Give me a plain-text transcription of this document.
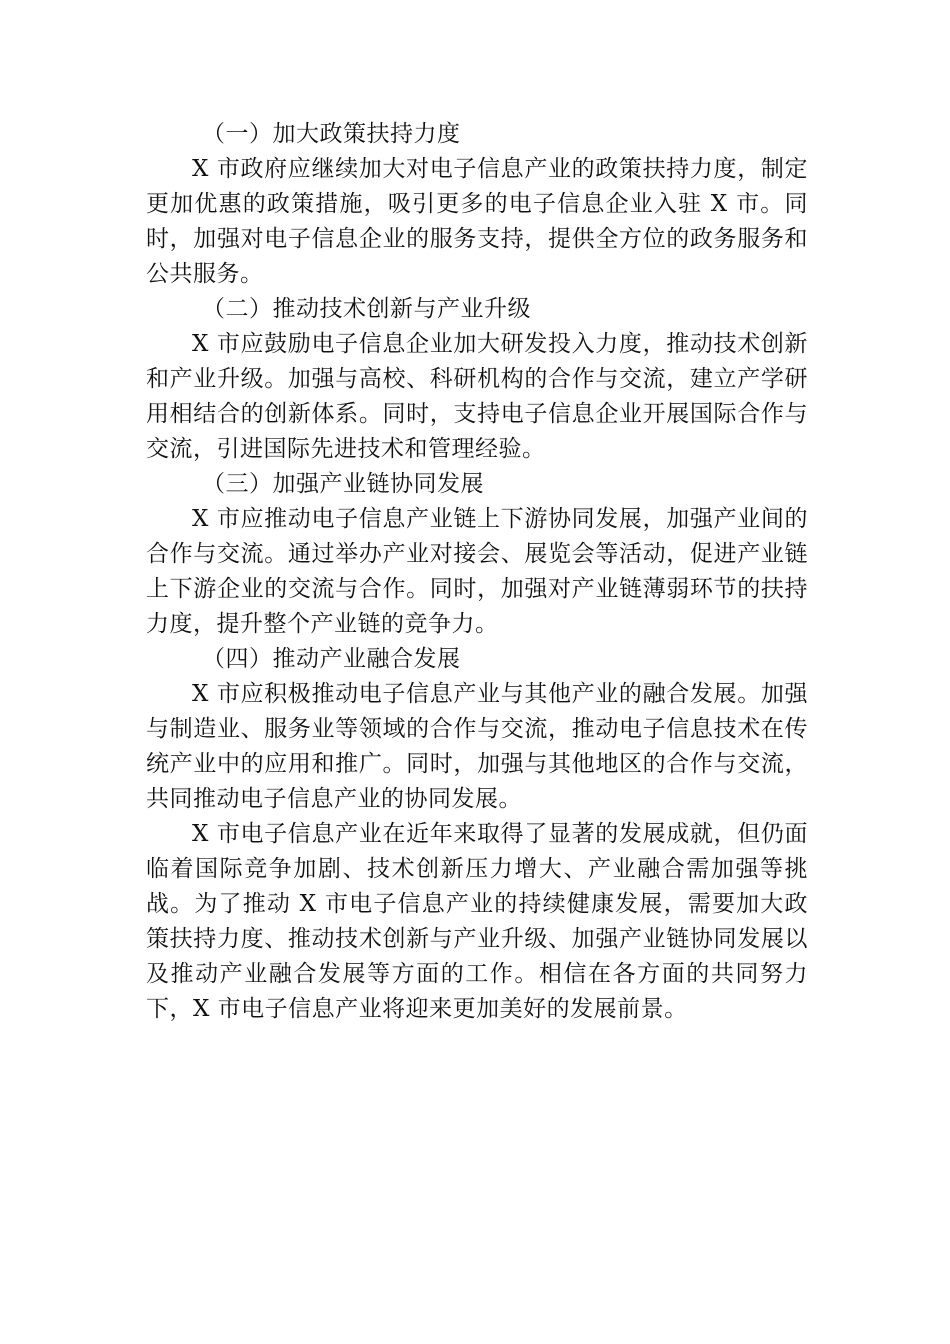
（一）加大政策扶持力度

X 市政府应继续加大对电子信息产业的政策扶持力度，制定更加优惠的政策措施，吸引更多的电子信息企业入驻 X 市。同时，加强对电子信息企业的服务支持，提供全方位的政务服务和公共服务。

（二）推动技术创新与产业升级

X 市应鼓励电子信息企业加大研发投入力度，推动技术创新和产业升级。加强与高校、科研机构的合作与交流，建立产学研用相结合的创新体系。同时，支持电子信息企业开展国际合作与交流，引进国际先进技术和管理经验。

（三）加强产业链协同发展

X 市应推动电子信息产业链上下游协同发展，加强产业间的合作与交流。通过举办产业对接会、展览会等活动，促进产业链上下游企业的交流与合作。同时，加强对产业链薄弱环节的扶持力度，提升整个产业链的竞争力。

（四）推动产业融合发展

X 市应积极推动电子信息产业与其他产业的融合发展。加强与制造业、服务业等领域的合作与交流，推动电子信息技术在传统产业中的应用和推广。同时，加强与其他地区的合作与交流，共同推动电子信息产业的协同发展。

X 市电子信息产业在近年来取得了显著的发展成就，但仍面临着国际竞争加剧、技术创新压力增大、产业融合需加强等挑战。为了推动 X 市电子信息产业的持续健康发展，需要加大政策扶持力度、推动技术创新与产业升级、加强产业链协同发展以及推动产业融合发展等方面的工作。相信在各方面的共同努力下，X 市电子信息产业将迎来更加美好的发展前景。
